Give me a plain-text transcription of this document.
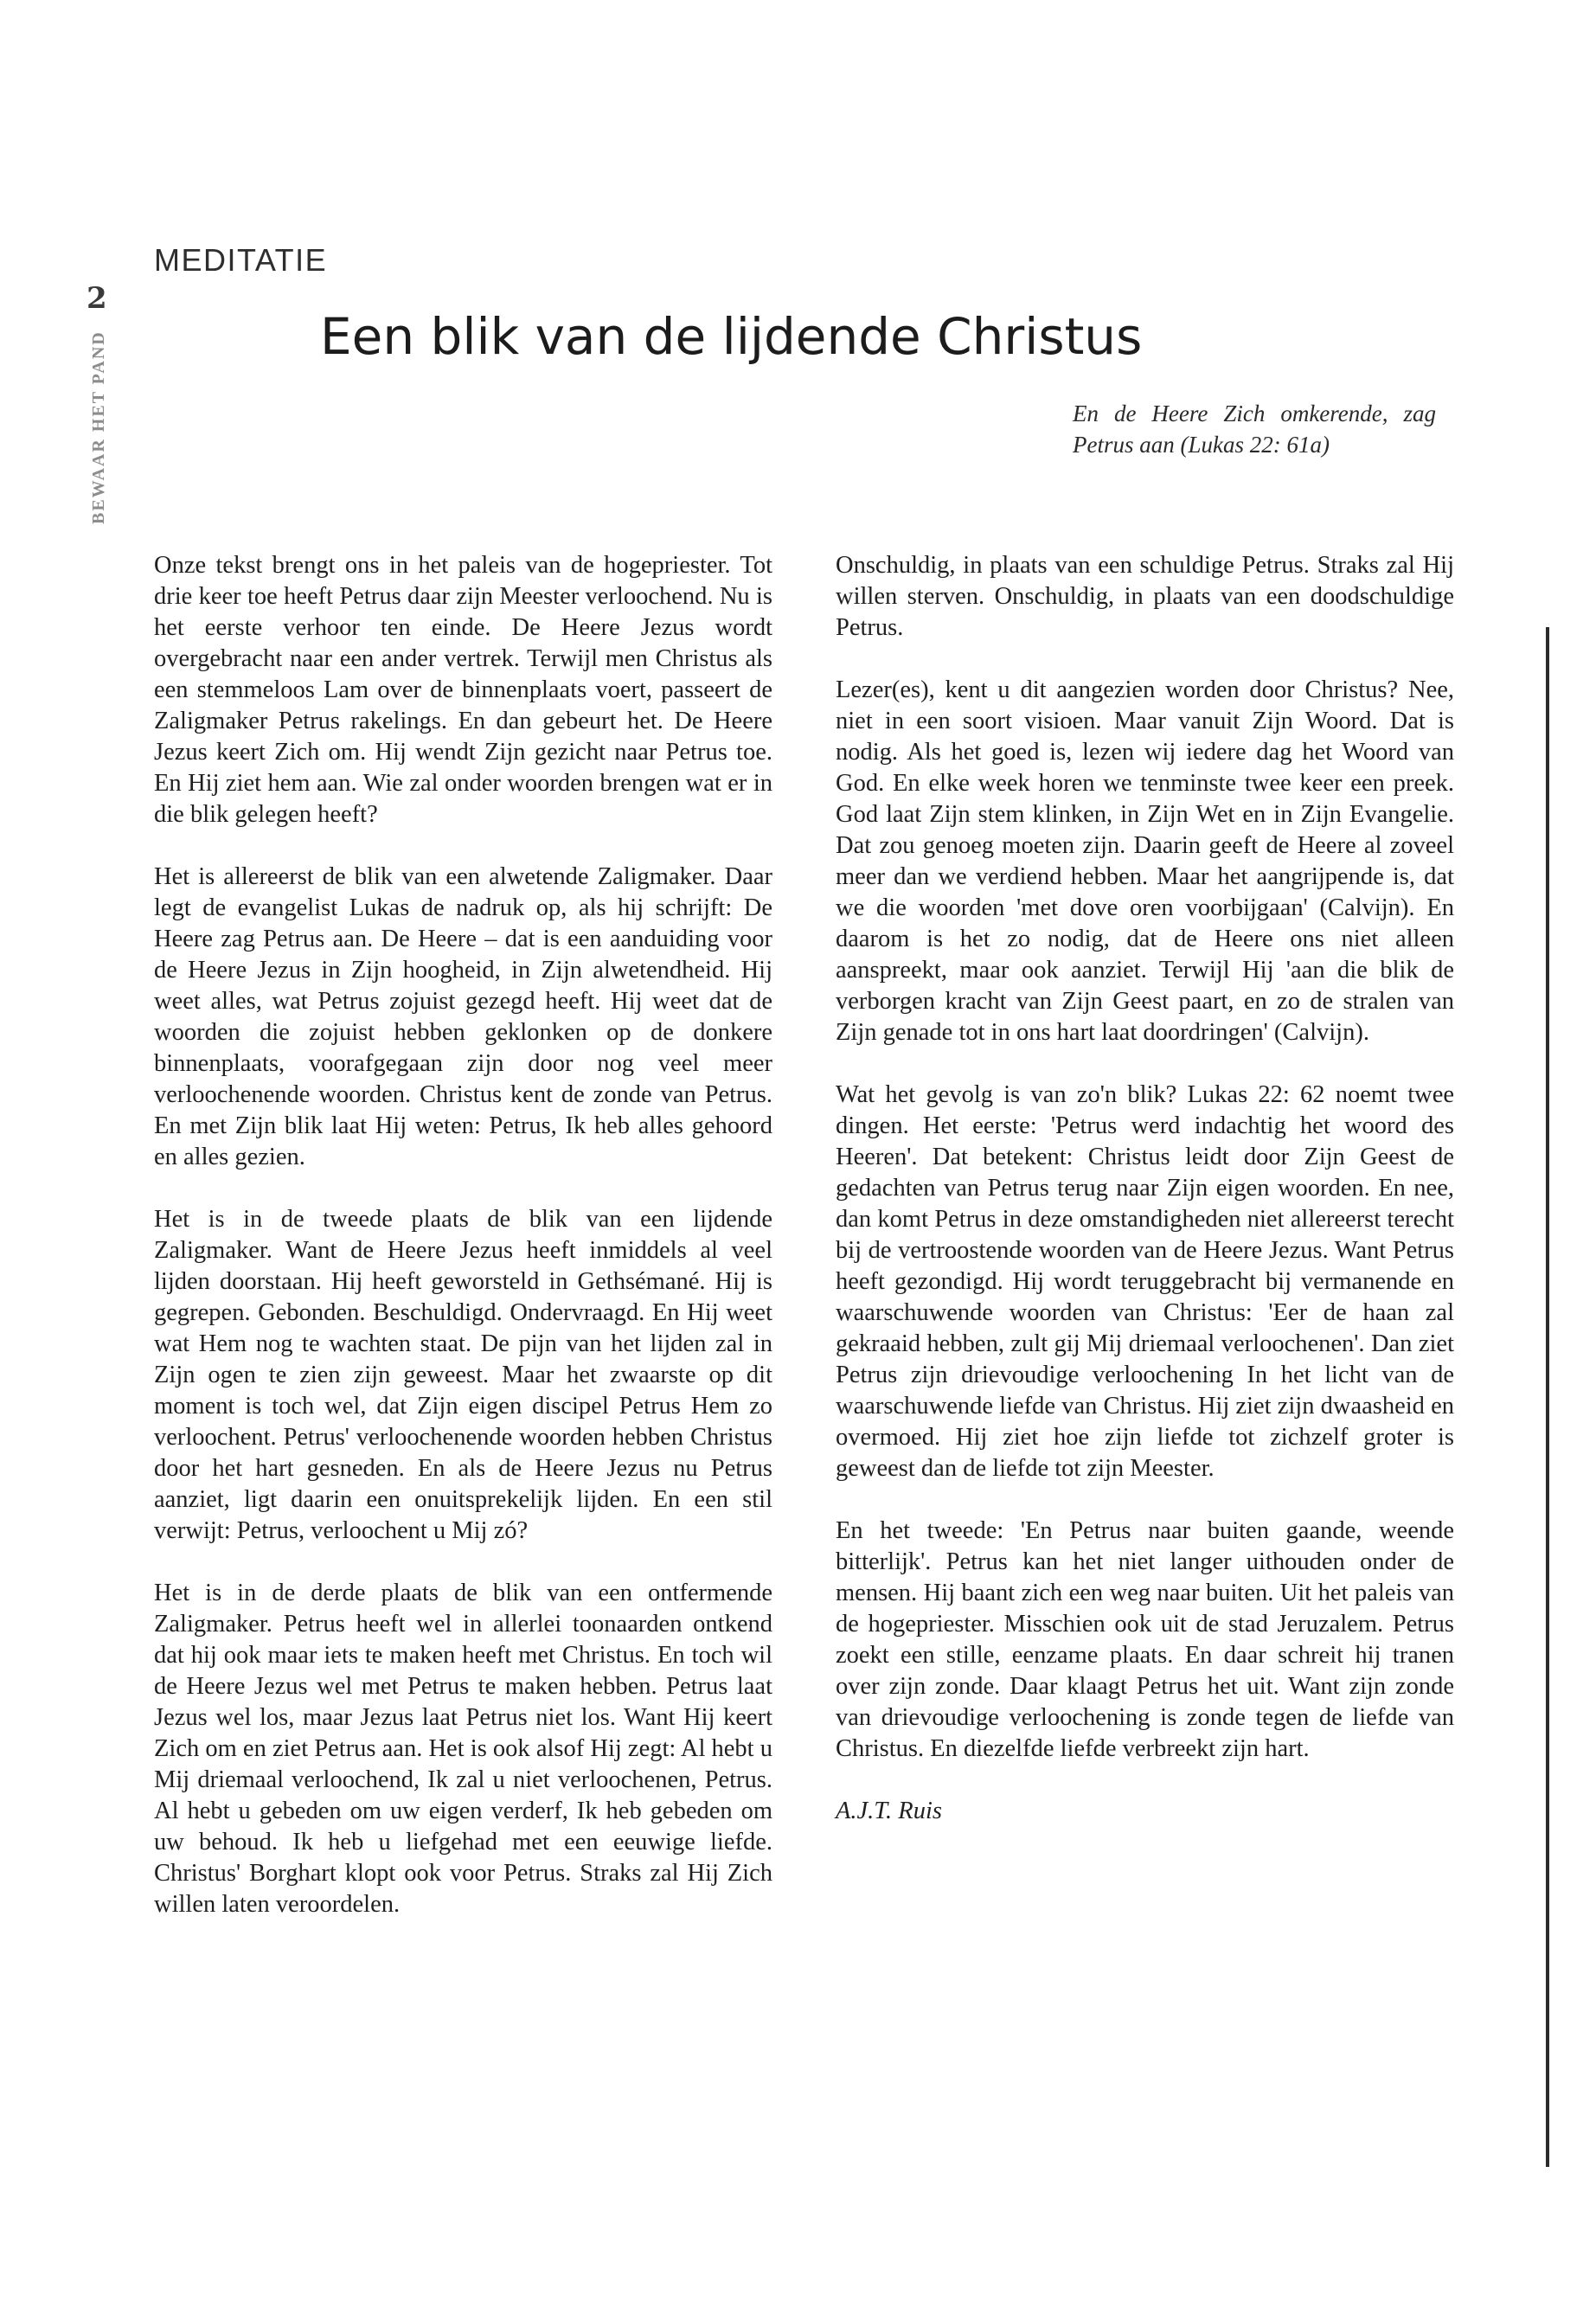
2
BEWAAR HET PAND
MEDITATIE
Een blik van de lijdende Christus
En de Heere Zich omkerende, zag Petrus aan (Lukas 22: 61a)

Onze tekst brengt ons in het paleis van de hogepriester. Tot drie keer toe heeft Petrus daar zijn Meester verloochend. Nu is het eerste verhoor ten einde. De Heere Jezus wordt overgebracht naar een ander vertrek. Terwijl men Christus als een stemmeloos Lam over de binnenplaats voert, passeert de Zaligmaker Petrus rakelings. En dan gebeurt het. De Heere Jezus keert Zich om. Hij wendt Zijn gezicht naar Petrus toe. En Hij ziet hem aan. Wie zal onder woorden brengen wat er in die blik gelegen heeft?

Het is allereerst de blik van een alwetende Zaligmaker. Daar legt de evangelist Lukas de nadruk op, als hij schrijft: De Heere zag Petrus aan. De Heere – dat is een aanduiding voor de Heere Jezus in Zijn hoogheid, in Zijn alwetendheid. Hij weet alles, wat Petrus zojuist gezegd heeft. Hij weet dat de woorden die zojuist hebben geklonken op de donkere binnenplaats, voorafgegaan zijn door nog veel meer verloochenende woorden. Christus kent de zonde van Petrus. En met Zijn blik laat Hij weten: Petrus, Ik heb alles gehoord en alles gezien.

Het is in de tweede plaats de blik van een lijdende Zaligmaker. Want de Heere Jezus heeft inmiddels al veel lijden doorstaan. Hij heeft geworsteld in Gethsémané. Hij is gegrepen. Gebonden. Beschuldigd. Ondervraagd. En Hij weet wat Hem nog te wachten staat. De pijn van het lijden zal in Zijn ogen te zien zijn geweest. Maar het zwaarste op dit moment is toch wel, dat Zijn eigen discipel Petrus Hem zo verloochent. Petrus' verloochenende woorden hebben Christus door het hart gesneden. En als de Heere Jezus nu Petrus aanziet, ligt daarin een onuitsprekelijk lijden. En een stil verwijt: Petrus, verloochent u Mij zó?

Het is in de derde plaats de blik van een ontfermende Zaligmaker. Petrus heeft wel in allerlei toonaarden ontkend dat hij ook maar iets te maken heeft met Christus. En toch wil de Heere Jezus wel met Petrus te maken hebben. Petrus laat Jezus wel los, maar Jezus laat Petrus niet los. Want Hij keert Zich om en ziet Petrus aan. Het is ook alsof Hij zegt: Al hebt u Mij driemaal verloochend, Ik zal u niet verloochenen, Petrus. Al hebt u gebeden om uw eigen verderf, Ik heb gebeden om uw behoud. Ik heb u liefgehad met een eeuwige liefde. Christus' Borghart klopt ook voor Petrus. Straks zal Hij Zich willen laten veroordelen.

Onschuldig, in plaats van een schuldige Petrus. Straks zal Hij willen sterven. Onschuldig, in plaats van een doodschuldige Petrus.

Lezer(es), kent u dit aangezien worden door Christus? Nee, niet in een soort visioen. Maar vanuit Zijn Woord. Dat is nodig. Als het goed is, lezen wij iedere dag het Woord van God. En elke week horen we tenminste twee keer een preek. God laat Zijn stem klinken, in Zijn Wet en in Zijn Evangelie. Dat zou genoeg moeten zijn. Daarin geeft de Heere al zoveel meer dan we verdiend hebben. Maar het aangrijpende is, dat we die woorden 'met dove oren voorbijgaan' (Calvijn). En daarom is het zo nodig, dat de Heere ons niet alleen aanspreekt, maar ook aanziet. Terwijl Hij 'aan die blik de verborgen kracht van Zijn Geest paart, en zo de stralen van Zijn genade tot in ons hart laat doordringen' (Calvijn).

Wat het gevolg is van zo'n blik? Lukas 22: 62 noemt twee dingen. Het eerste: 'Petrus werd indachtig het woord des Heeren'. Dat betekent: Christus leidt door Zijn Geest de gedachten van Petrus terug naar Zijn eigen woorden. En nee, dan komt Petrus in deze omstandigheden niet allereerst terecht bij de vertroostende woorden van de Heere Jezus. Want Petrus heeft gezondigd. Hij wordt teruggebracht bij vermanende en waarschuwende woorden van Christus: 'Eer de haan zal gekraaid hebben, zult gij Mij driemaal verloochenen'. Dan ziet Petrus zijn drievoudige verloochening In het licht van de waarschuwende liefde van Christus. Hij ziet zijn dwaasheid en overmoed. Hij ziet hoe zijn liefde tot zichzelf groter is geweest dan de liefde tot zijn Meester.

En het tweede: 'En Petrus naar buiten gaande, weende bitterlijk'. Petrus kan het niet langer uithouden onder de mensen. Hij baant zich een weg naar buiten. Uit het paleis van de hogepriester. Misschien ook uit de stad Jeruzalem. Petrus zoekt een stille, eenzame plaats. En daar schreit hij tranen over zijn zonde. Daar klaagt Petrus het uit. Want zijn zonde van drievoudige verloochening is zonde tegen de liefde van Christus. En diezelfde liefde verbreekt zijn hart.

A.J.T. Ruis
